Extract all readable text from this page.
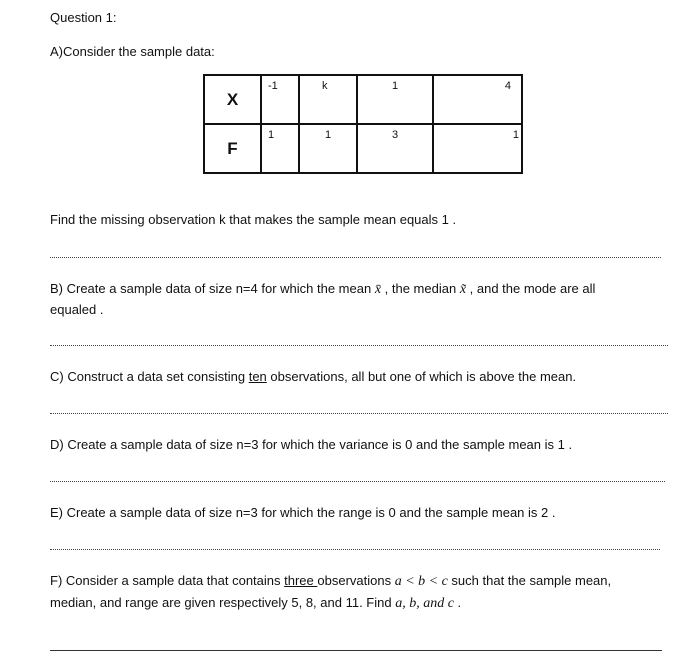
Question 1:
A)Consider the sample data:
X	-1	k	1	4

F	1	1	3	1
Find the missing observation k that makes the sample mean equals 1 .
B) Create a sample data of size n=4 for which the mean x̄ , the median x̃ , and the mode are all
equaled .
C) Construct a data set consisting ten observations, all but one of which is above the mean.
D) Create a sample data of size n=3 for which the variance is 0 and the sample mean is 1 .
E) Create a sample data of size n=3 for which the range is 0 and the sample mean is 2 .
F) Consider a sample data that contains three observations a < b < c such that the sample mean,
median, and range are given respectively 5, 8, and 11. Find a, b, and c .
